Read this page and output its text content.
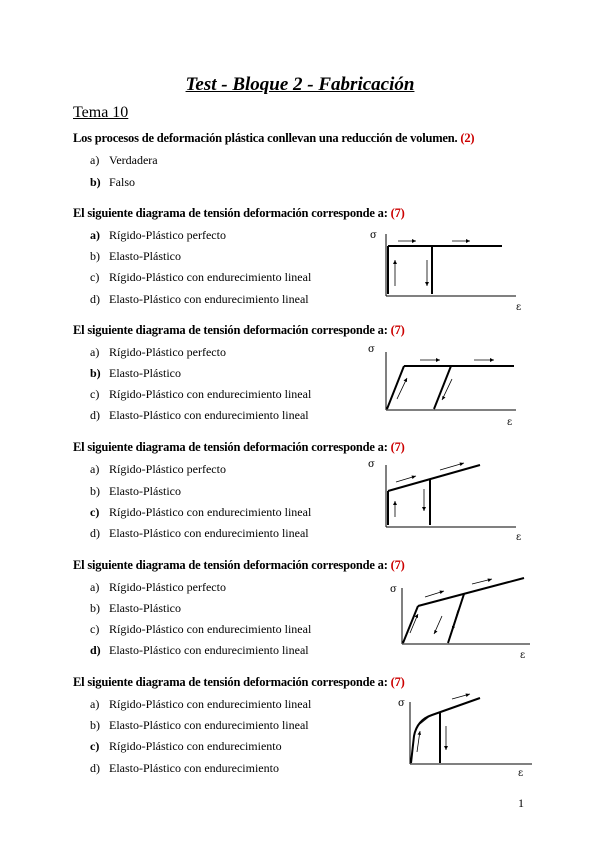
Test - Bloque 2 - Fabricación
Tema 10
Los procesos de deformación plástica conllevan una reducción de volumen. (2)
a) Verdadera
b) Falso
El siguiente diagrama de tensión deformación corresponde a: (7)
a) Rígido-Plástico perfecto
b) Elasto-Plástico
c) Rígido-Plástico con endurecimiento lineal
d) Elasto-Plástico con endurecimiento lineal
σ
ε
El siguiente diagrama de tensión deformación corresponde a: (7)
a) Rígido-Plástico perfecto
b) Elasto-Plástico
c) Rígido-Plástico con endurecimiento lineal
d) Elasto-Plástico con endurecimiento lineal
σ
ε
El siguiente diagrama de tensión deformación corresponde a: (7)
a) Rígido-Plástico perfecto
b) Elasto-Plástico
c) Rígido-Plástico con endurecimiento lineal
d) Elasto-Plástico con endurecimiento lineal
σ
ε
El siguiente diagrama de tensión deformación corresponde a: (7)
a) Rígido-Plástico perfecto
b) Elasto-Plástico
c) Rígido-Plástico con endurecimiento lineal
d) Elasto-Plástico con endurecimiento lineal
σ
ε
El siguiente diagrama de tensión deformación corresponde a: (7)
a) Rígido-Plástico con endurecimiento lineal
b) Elasto-Plástico con endurecimiento lineal
c) Rígido-Plástico con endurecimiento
d) Elasto-Plástico con endurecimiento
σ
ε
1
